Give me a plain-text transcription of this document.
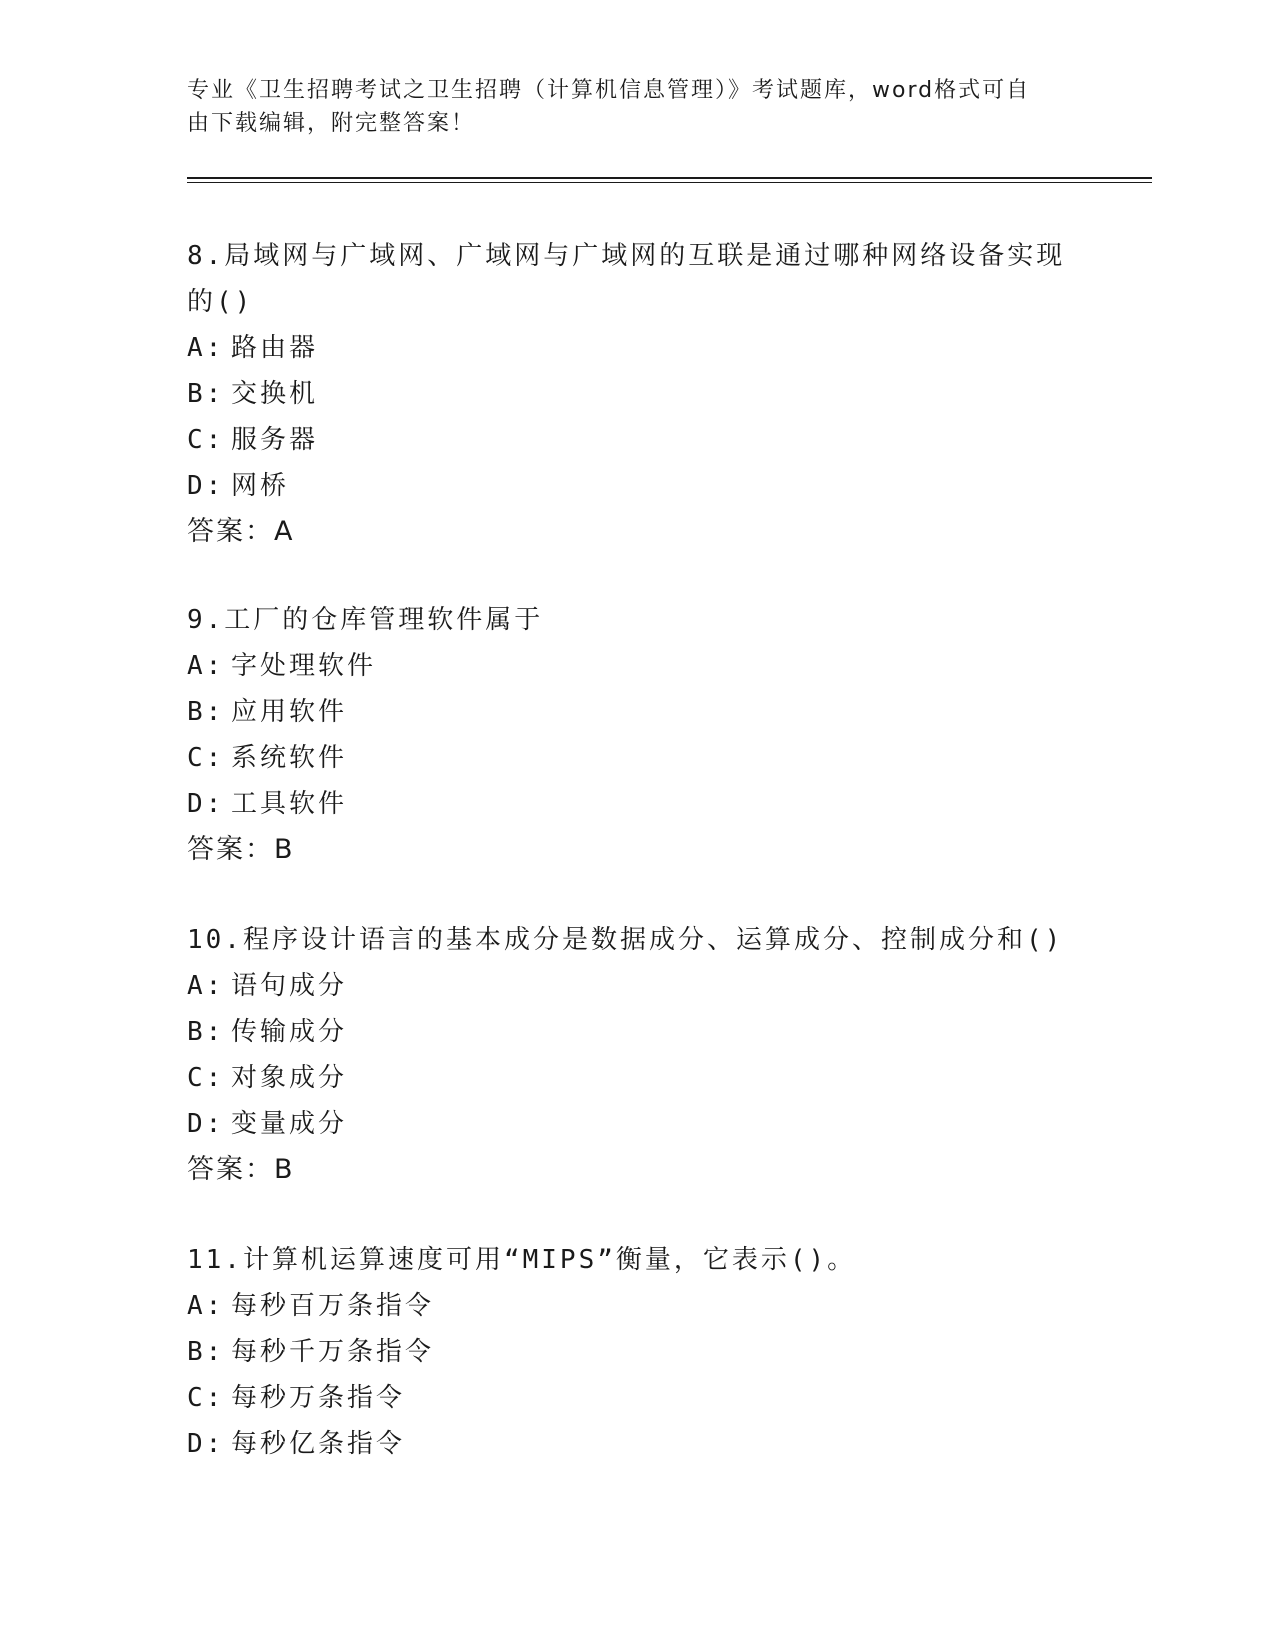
专业《卫生招聘考试之卫生招聘（计算机信息管理）》考试题库，word格式可自
由下载编辑，附完整答案！
8.局域网与广域网、广域网与广域网的互联是通过哪种网络设备实现
的()
A: 路由器
B: 交换机
C: 服务器
D: 网桥
答案：A
9.工厂的仓库管理软件属于
A: 字处理软件
B: 应用软件
C: 系统软件
D: 工具软件
答案：B
10.程序设计语言的基本成分是数据成分、运算成分、控制成分和()
A: 语句成分
B: 传输成分
C: 对象成分
D: 变量成分
答案：B
11.计算机运算速度可用“MIPS”衡量，它表示()。
A: 每秒百万条指令
B: 每秒千万条指令
C: 每秒万条指令
D: 每秒亿条指令
